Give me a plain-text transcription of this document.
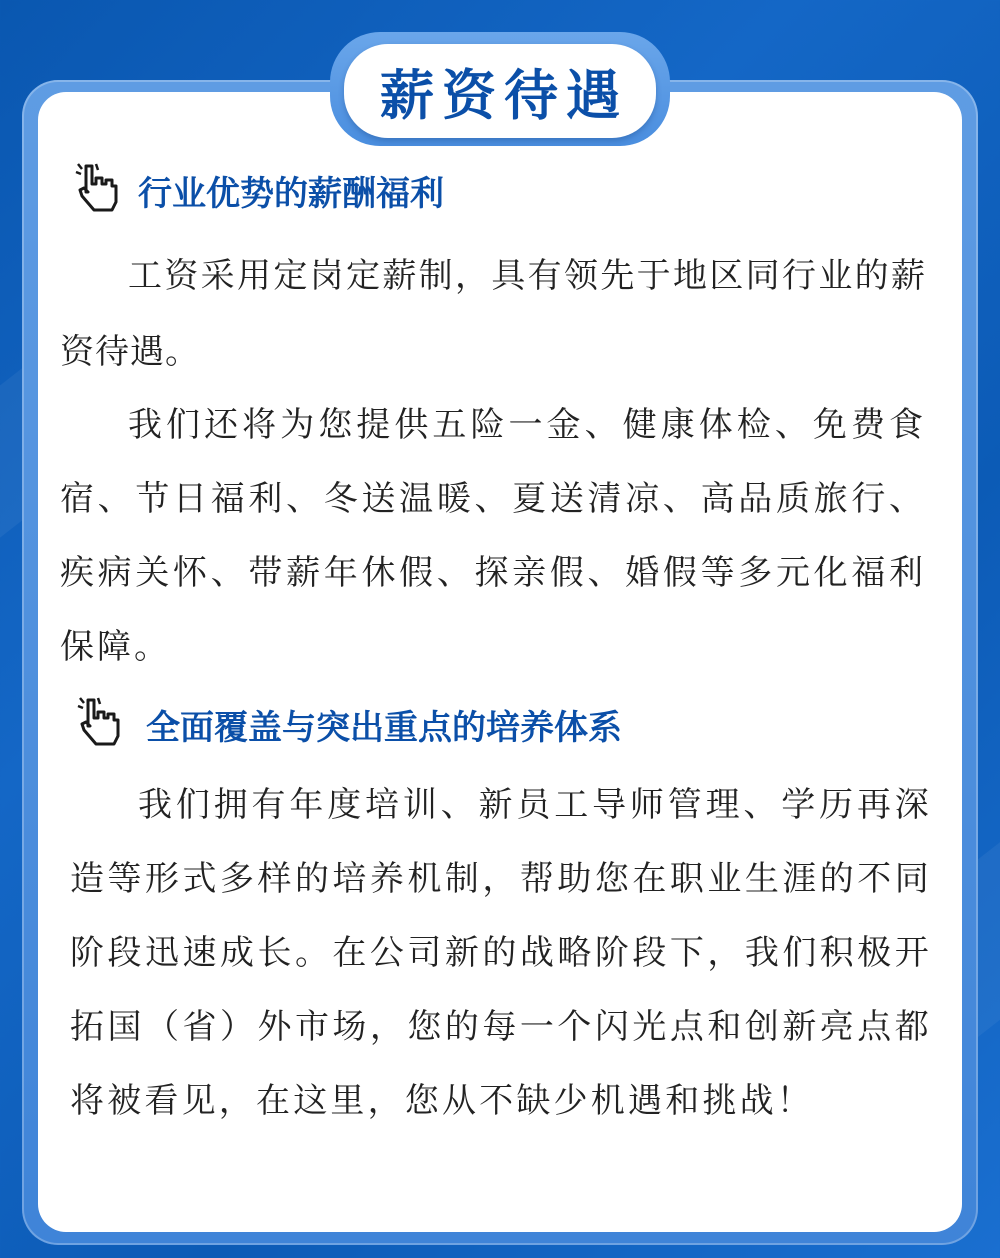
薪资待遇
行业优势的薪酬福利

工资采用定岗定薪制，具有领先于地区同行业的薪资待遇。

我们还将为您提供五险一金、健康体检、免费食宿、节日福利、冬送温暖、夏送清凉、高品质旅行、疾病关怀、带薪年休假、探亲假、婚假等多元化福利保障。

全面覆盖与突出重点的培养体系

我们拥有年度培训、新员工导师管理、学历再深造等形式多样的培养机制，帮助您在职业生涯的不同阶段迅速成长。在公司新的战略阶段下，我们积极开拓国（省）外市场，您的每一个闪光点和创新亮点都将被看见，在这里，您从不缺少机遇和挑战！
